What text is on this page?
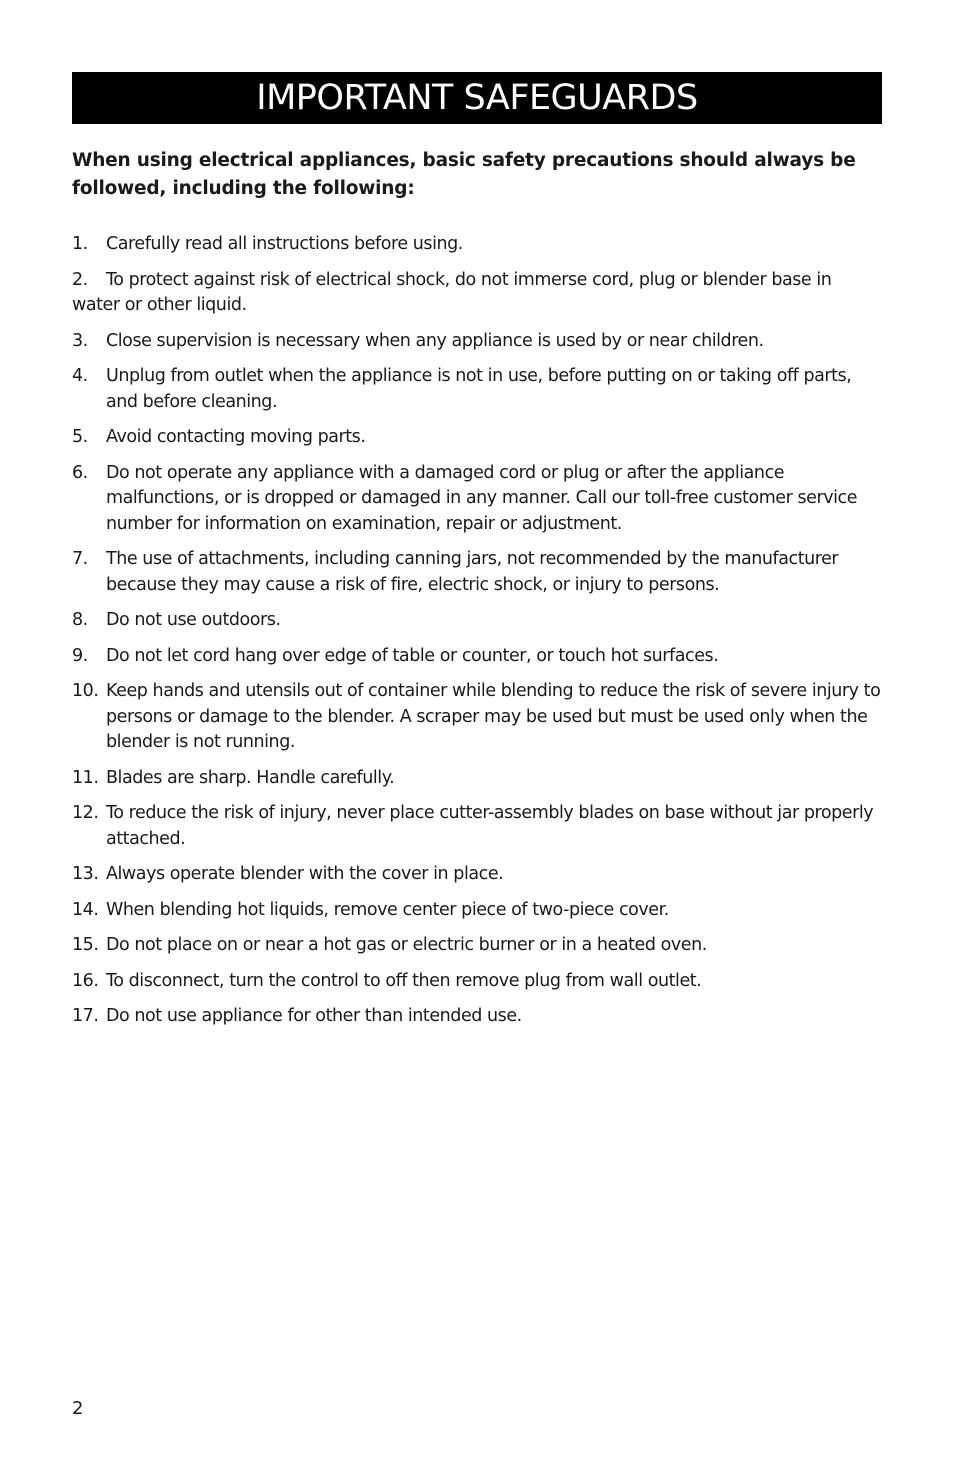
IMPORTANT SAFEGUARDS

When using electrical appliances, basic safety precautions should always be followed, including the following:

1. Carefully read all instructions before using.
2. To protect against risk of electrical shock, do not immerse cord, plug or blender base in water or other liquid.
3. Close supervision is necessary when any appliance is used by or near children.
4. Unplug from outlet when the appliance is not in use, before putting on or taking off parts, and before cleaning.
5. Avoid contacting moving parts.
6. Do not operate any appliance with a damaged cord or plug or after the appliance malfunctions, or is dropped or damaged in any manner. Call our toll-free customer service number for information on examination, repair or adjustment.
7. The use of attachments, including canning jars, not recommended by the manufacturer because they may cause a risk of fire, electric shock, or injury to persons.
8. Do not use outdoors.
9. Do not let cord hang over edge of table or counter, or touch hot surfaces.
10. Keep hands and utensils out of container while blending to reduce the risk of severe injury to persons or damage to the blender. A scraper may be used but must be used only when the blender is not running.
11. Blades are sharp. Handle carefully.
12. To reduce the risk of injury, never place cutter-assembly blades on base without jar properly attached.
13. Always operate blender with the cover in place.
14. When blending hot liquids, remove center piece of two-piece cover.
15. Do not place on or near a hot gas or electric burner or in a heated oven.
16. To disconnect, turn the control to off then remove plug from wall outlet.
17. Do not use appliance for other than intended use.
2
